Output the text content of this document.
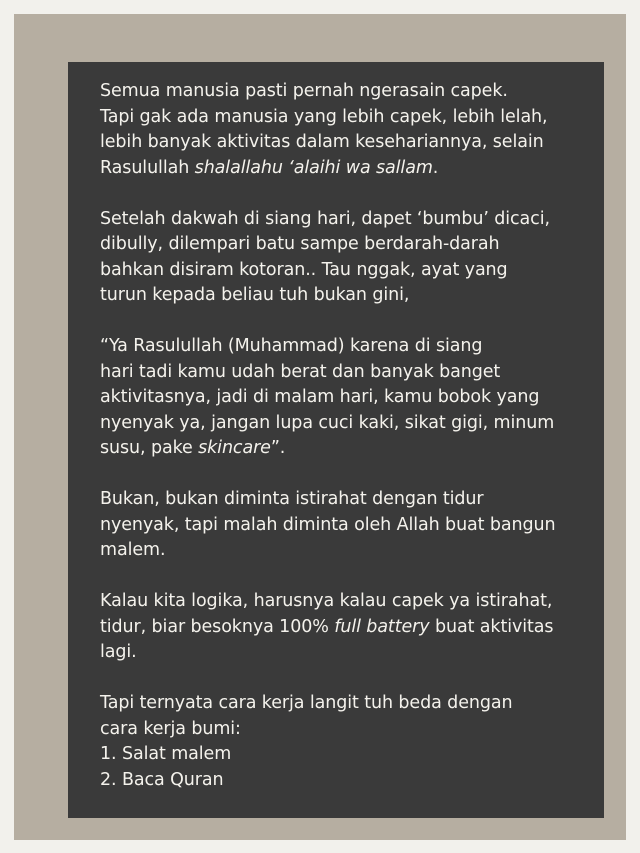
Semua manusia pasti pernah ngerasain capek.
Tapi gak ada manusia yang lebih capek, lebih lelah,
lebih banyak aktivitas dalam kesehariannya, selain
Rasulullah shalallahu ‘alaihi wa sallam.

Setelah dakwah di siang hari, dapet ‘bumbu’ dicaci,
dibully, dilempari batu sampe berdarah-darah
bahkan disiram kotoran.. Tau nggak, ayat yang
turun kepada beliau tuh bukan gini,

“Ya Rasulullah (Muhammad) karena di siang
hari tadi kamu udah berat dan banyak banget
aktivitasnya, jadi di malam hari, kamu bobok yang
nyenyak ya, jangan lupa cuci kaki, sikat gigi, minum
susu, pake skincare”.

Bukan, bukan diminta istirahat dengan tidur
nyenyak, tapi malah diminta oleh Allah buat bangun
malem.

Kalau kita logika, harusnya kalau capek ya istirahat,
tidur, biar besoknya 100% full battery buat aktivitas
lagi.

Tapi ternyata cara kerja langit tuh beda dengan
cara kerja bumi:
1. Salat malem
2. Baca Quran
